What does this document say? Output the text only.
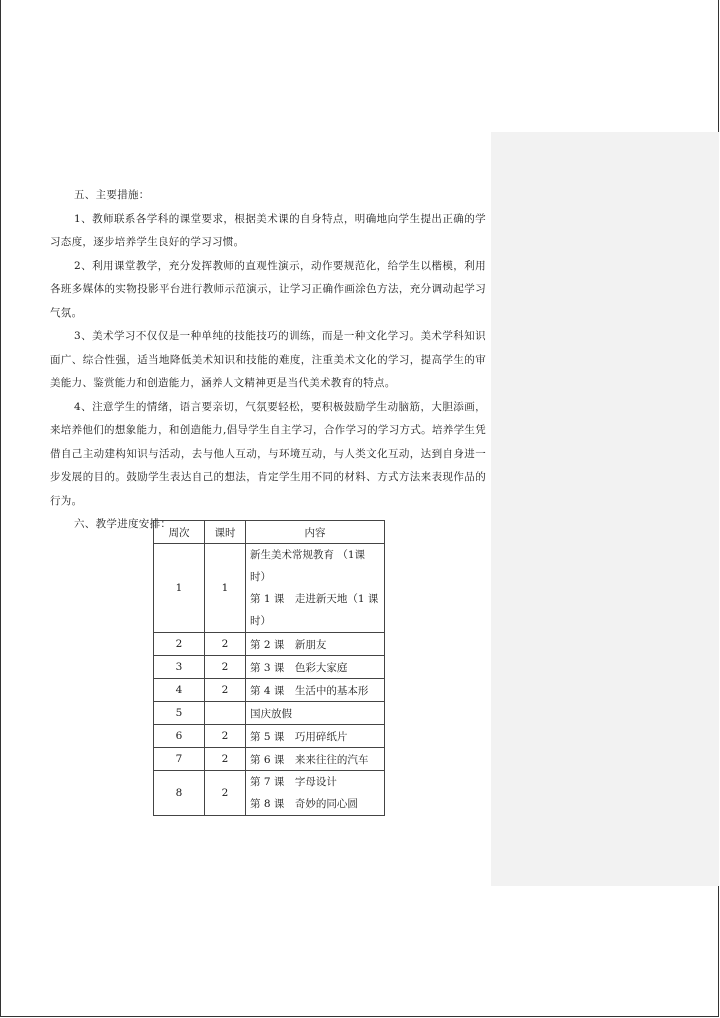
五、主要措施：

1、教师联系各学科的课堂要求，根据美术课的自身特点，明确地向学生提出正确的学习态度，逐步培养学生良好的学习习惯。

2、利用课堂教学，充分发挥教师的直观性演示，动作要规范化，给学生以楷模，利用各班多媒体的实物投影平台进行教师示范演示，让学习正确作画涂色方法，充分调动起学习气氛。

3、美术学习不仅仅是一种单纯的技能技巧的训练，而是一种文化学习。美术学科知识面广、综合性强，适当地降低美术知识和技能的难度，注重美术文化的学习，提高学生的审美能力、鉴赏能力和创造能力，涵养人文精神更是当代美术教育的特点。

4、注意学生的情绪，语言要亲切，气氛要轻松，要积极鼓励学生动脑筋，大胆添画，来培养他们的想象能力，和创造能力,倡导学生自主学习，合作学习的学习方式。培养学生凭借自己主动建构知识与活动，去与他人互动，与环境互动，与人类文化互动，达到自身进一步发展的目的。鼓励学生表达自己的想法，肯定学生用不同的材料、方式方法来表现作品的行为。

六、教学进度安排：

周次	课时	内容
1	1	新生美术常规教育 （1课
时）
第 1 课　走进新天地（1 课
时）

2	2	第 2 课　新朋友
3	2	第 3 课　色彩大家庭
4	2	第 4 课　生活中的基本形
5		国庆放假
6	2	第 5 课　巧用碎纸片
7	2	第 6 课　来来往往的汽车
8	2	第 7 课　字母设计
第 8 课　奇妙的同心圆
